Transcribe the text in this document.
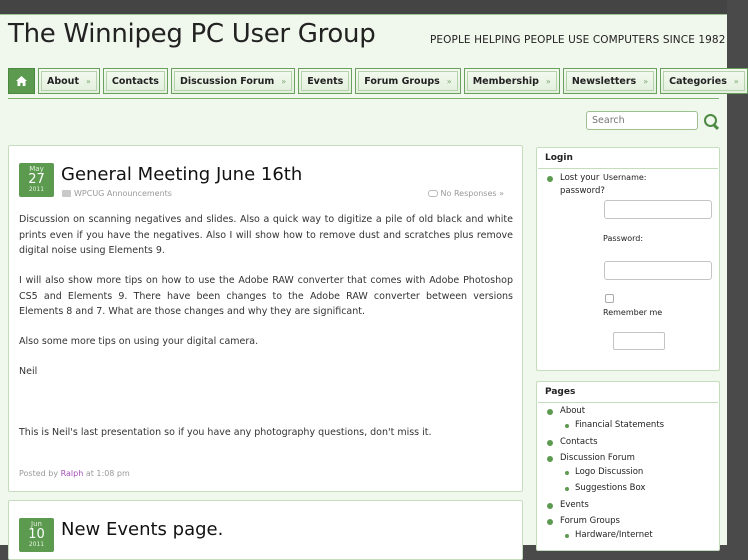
The Winnipeg PC User Group	PEOPLE HELPING PEOPLE USE COMPUTERS SINCE 1982
About » Contacts Discussion Forum » Events Forum Groups » Membership » Newsletters » Categories »
Search
May
27
2011
General Meeting June 16th
WPCUG Announcements	No Responses »

Discussion on scanning negatives and slides. Also a quick way to digitize a pile of old black and white prints even if you have the negatives. Also I will show how to remove dust and scratches plus remove digital noise using Elements 9.

I will also show more tips on how to use the Adobe RAW converter that comes with Adobe Photoshop CS5 and Elements 9. There have been changes to the Adobe RAW converter between versions Elements 8 and 7. What are those changes and why they are significant.

Also some more tips on using your digital camera.

Neil

This is Neil's last presentation so if you have any photography questions, don't miss it.

Posted by Ralph at 1:08 pm
Jun
10
2011
New Events page.
Login
Lost your
password?
Username:
Password:
Remember me
Pages
About
Financial Statements
Contacts
Discussion Forum
Logo Discussion
Suggestions Box
Events
Forum Groups
Hardware/Internet
